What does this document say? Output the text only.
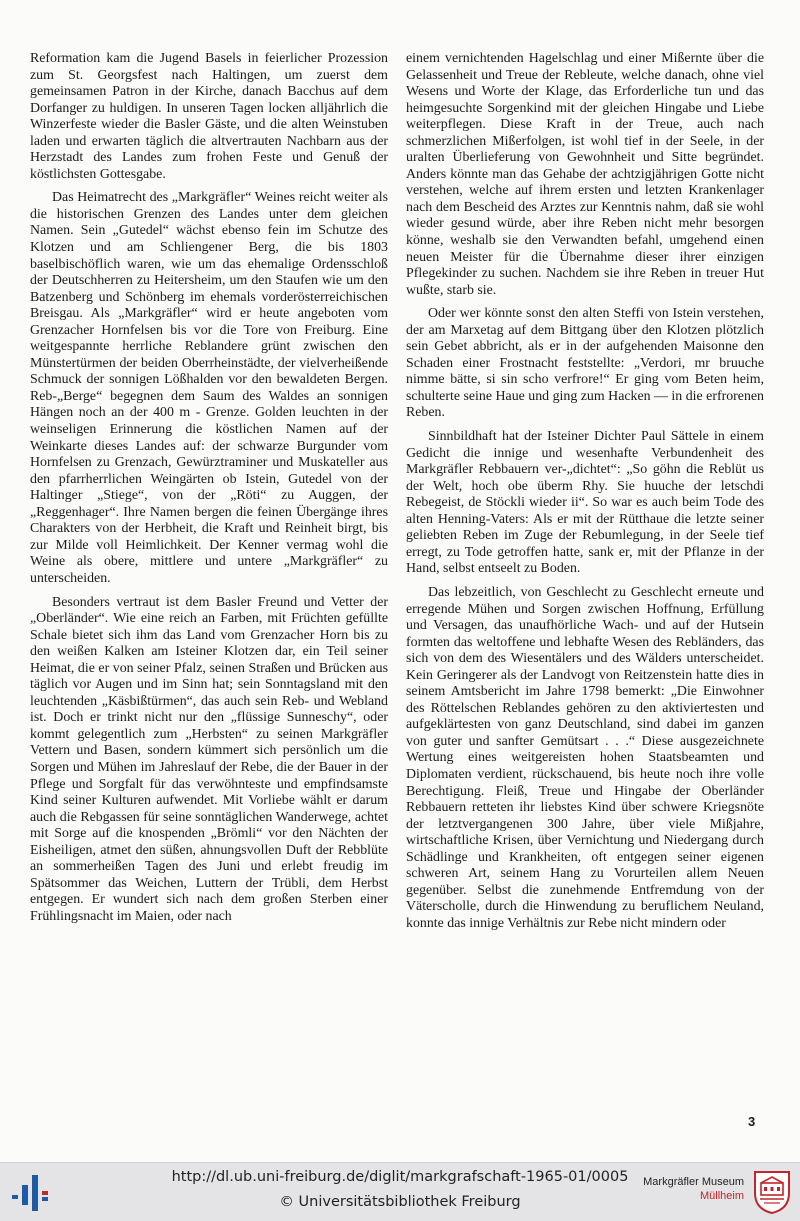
Reformation kam die Jugend Basels in feierlicher Prozession zum St. Georgsfest nach Haltingen, um zuerst dem gemeinsamen Patron in der Kirche, danach Bacchus auf dem Dorfanger zu huldigen. In unseren Tagen locken alljährlich die Winzerfeste wieder die Basler Gäste, und die alten Weinstuben laden und erwarten täglich die altvertrauten Nachbarn aus der Herzstadt des Landes zum frohen Feste und Genuß der köstlichsten Gottesgabe.

Das Heimatrecht des „Markgräfler“ Weines reicht weiter als die historischen Grenzen des Landes unter dem gleichen Namen. Sein „Gutedel“ wächst ebenso fein im Schutze des Klotzen und am Schliengener Berg, die bis 1803 baselbischöflich waren, wie um das ehemalige Ordensschloß der Deutschherren zu Heitersheim, um den Staufen wie um den Batzenberg und Schönberg im ehemals vorderösterreichischen Breisgau. Als „Markgräfler“ wird er heute angeboten vom Grenzacher Hornfelsen bis vor die Tore von Freiburg. Eine weitgespannte herrliche Reblandere grünt zwischen den Münstertürmen der beiden Oberrheinstädte, der vielverheißende Schmuck der sonnigen Lößhalden vor den bewaldeten Bergen. Reb-„Berge“ begegnen dem Saum des Waldes an sonnigen Hängen noch an der 400 m - Grenze. Golden leuchten in der weinseligen Erinnerung die köstlichen Namen auf der Weinkarte dieses Landes auf: der schwarze Burgunder vom Hornfelsen zu Grenzach, Gewürztraminer und Muskateller aus den pfarrherrlichen Weingärten ob Istein, Gutedel von der Haltinger „Stiege“, von der „Röti“ zu Auggen, der „Reggenhager“. Ihre Namen bergen die feinen Übergänge ihres Charakters von der Herbheit, die Kraft und Reinheit birgt, bis zur Milde voll Heimlichkeit. Der Kenner vermag wohl die Weine als obere, mittlere und untere „Markgräfler“ zu unterscheiden.

Besonders vertraut ist dem Basler Freund und Vetter der „Oberländer“. Wie eine reich an Farben, mit Früchten gefüllte Schale bietet sich ihm das Land vom Grenzacher Horn bis zu den weißen Kalken am Isteiner Klotzen dar, ein Teil seiner Heimat, die er von seiner Pfalz, seinen Straßen und Brücken aus täglich vor Augen und im Sinn hat; sein Sonntagsland mit den leuchtenden „Käsbißtürmen“, das auch sein Reb- und Webland ist. Doch er trinkt nicht nur den „flüssige Sunneschy“, oder kommt gelegentlich zum „Herbsten“ zu seinen Markgräfler Vettern und Basen, sondern kümmert sich persönlich um die Sorgen und Mühen im Jahreslauf der Rebe, die der Bauer in der Pflege und Sorgfalt für das verwöhnteste und empfindsamste Kind seiner Kulturen aufwendet. Mit Vorliebe wählt er darum auch die Rebgassen für seine sonntäglichen Wanderwege, achtet mit Sorge auf die knospenden „Brömli“ vor den Nächten der Eisheiligen, atmet den süßen, ahnungsvollen Duft der Rebblüte an sommerheißen Tagen des Juni und erlebt freudig im Spätsommer das Weichen, Luttern der Trübli, dem Herbst entgegen. Er wundert sich nach dem großen Sterben einer Frühlingsnacht im Maien, oder nach

einem vernichtenden Hagelschlag und einer Mißernte über die Gelassenheit und Treue der Rebleute, welche danach, ohne viel Wesens und Worte der Klage, das Erforderliche tun und das heimgesuchte Sorgenkind mit der gleichen Hingabe und Liebe weiterpflegen. Diese Kraft in der Treue, auch nach schmerzlichen Mißerfolgen, ist wohl tief in der Seele, in der uralten Überlieferung von Gewohnheit und Sitte begründet. Anders könnte man das Gehabe der achtzigjährigen Gotte nicht verstehen, welche auf ihrem ersten und letzten Krankenlager nach dem Bescheid des Arztes zur Kenntnis nahm, daß sie wohl wieder gesund würde, aber ihre Reben nicht mehr besorgen könne, weshalb sie den Verwandten befahl, umgehend einen neuen Meister für die Übernahme dieser ihrer einzigen Pflegekinder zu suchen. Nachdem sie ihre Reben in treuer Hut wußte, starb sie.

Oder wer könnte sonst den alten Steffi von Istein verstehen, der am Marxetag auf dem Bittgang über den Klotzen plötzlich sein Gebet abbricht, als er in der aufgehenden Maisonne den Schaden einer Frostnacht feststellte: „Verdori, mr bruuche nimme bätte, si sin scho verfrore!“ Er ging vom Beten heim, schulterte seine Haue und ging zum Hacken — in die erfrorenen Reben.

Sinnbildhaft hat der Isteiner Dichter Paul Sättele in einem Gedicht die innige und wesenhafte Verbundenheit des Markgräfler Rebbauern ver-„dichtet“: „So göhn die Reblüt us der Welt, hoch obe überm Rhy. Sie huuche der letschdi Rebegeist, de Stöckli wieder ii“. So war es auch beim Tode des alten Henning-Vaters: Als er mit der Rütthaue die letzte seiner geliebten Reben im Zuge der Rebumlegung, in der Seele tief erregt, zu Tode getroffen hatte, sank er, mit der Pflanze in der Hand, selbst entseelt zu Boden.

Das lebzeitlich, von Geschlecht zu Geschlecht erneute und erregende Mühen und Sorgen zwischen Hoffnung, Erfüllung und Versagen, das unaufhörliche Wach- und auf der Hutsein formten das weltoffene und lebhafte Wesen des Rebländers, das sich von dem des Wiesentälers und des Wälders unterscheidet. Kein Geringerer als der Landvogt von Reitzenstein hatte dies in seinem Amtsbericht im Jahre 1798 bemerkt: „Die Einwohner des Röttelschen Reblandes gehören zu den aktiviertesten und aufgeklärtesten von ganz Deutschland, sind dabei im ganzen von guter und sanfter Gemütsart . . .“ Diese ausgezeichnete Wertung eines weitgereisten hohen Staatsbeamten und Diplomaten verdient, rückschauend, bis heute noch ihre volle Berechtigung. Fleiß, Treue und Hingabe der Oberländer Rebbauern retteten ihr liebstes Kind über schwere Kriegsnöte der letztvergangenen 300 Jahre, über viele Mißjahre, wirtschaftliche Krisen, über Vernichtung und Niedergang durch Schädlinge und Krankheiten, oft entgegen seiner eigenen schweren Art, seinem Hang zu Vorurteilen allem Neuen gegenüber. Selbst die zunehmende Entfremdung von der Väterscholle, durch die Hinwendung zu beruflichem Neuland, konnte das innige Verhältnis zur Rebe nicht mindern oder

3
http://dl.ub.uni-freiburg.de/diglit/markgrafschaft-1965-01/0005
© Universitätsbibliothek Freiburg
Markgräfler Museum
Müllheim
